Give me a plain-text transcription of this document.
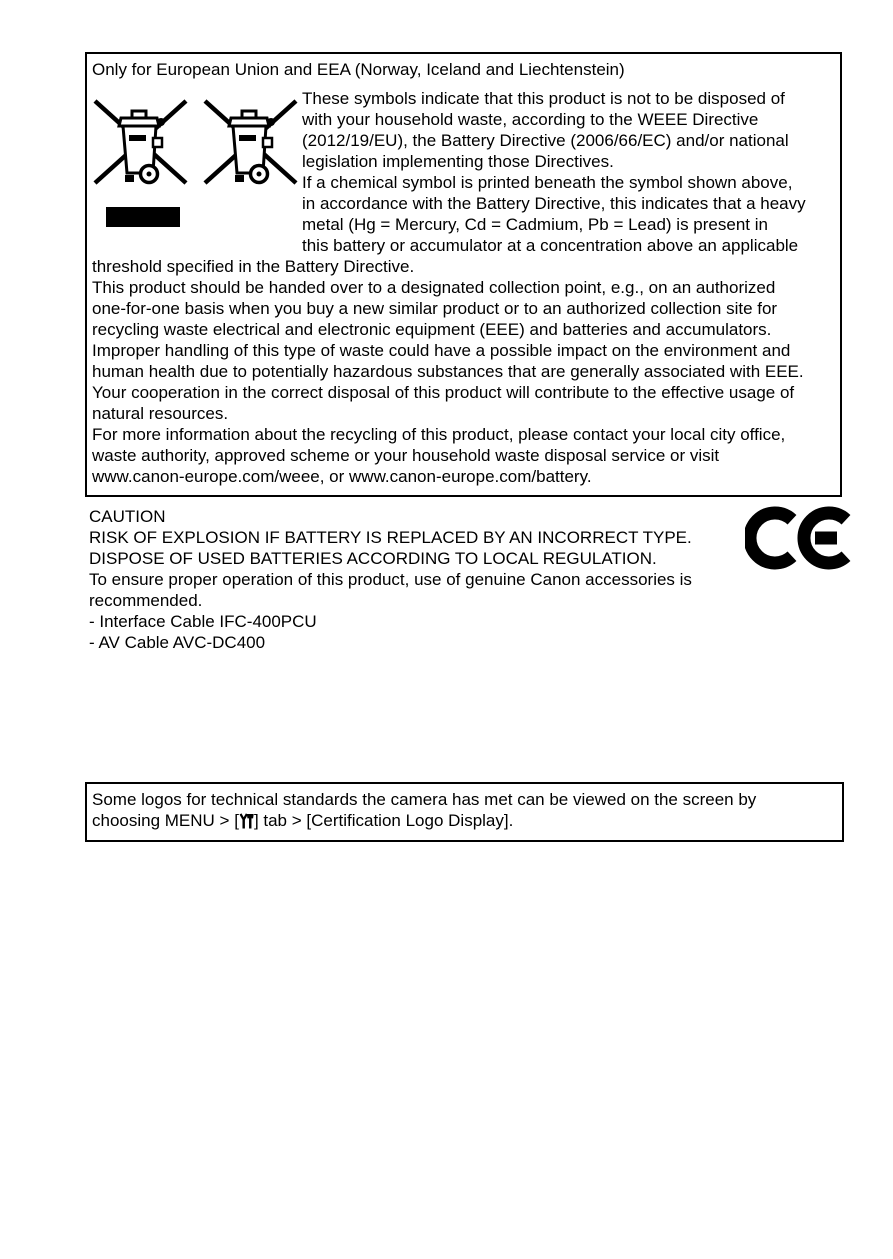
Only for European Union and EEA (Norway, Iceland and Liechtenstein)
These symbols indicate that this product is not to be disposed of
with your household waste, according to the WEEE Directive
(2012/19/EU), the Battery Directive (2006/66/EC) and/or national
legislation implementing those Directives.
If a chemical symbol is printed beneath the symbol shown above,
in accordance with the Battery Directive, this indicates that a heavy
metal (Hg = Mercury, Cd = Cadmium, Pb = Lead) is present in
this battery or accumulator at a concentration above an applicable
threshold specified in the Battery Directive.
This product should be handed over to a designated collection point, e.g., on an authorized
one-for-one basis when you buy a new similar product or to an authorized collection site for
recycling waste electrical and electronic equipment (EEE) and batteries and accumulators.
Improper handling of this type of waste could have a possible impact on the environment and
human health due to potentially hazardous substances that are generally associated with EEE.
Your cooperation in the correct disposal of this product will contribute to the effective usage of
natural resources.
For more information about the recycling of this product, please contact your local city office,
waste authority, approved scheme or your household waste disposal service or visit
www.canon-europe.com/weee, or www.canon-europe.com/battery.
CAUTION
RISK OF EXPLOSION IF BATTERY IS REPLACED BY AN INCORRECT TYPE.
DISPOSE OF USED BATTERIES ACCORDING TO LOCAL REGULATION.
To ensure proper operation of this product, use of genuine Canon accessories is
recommended.
- Interface Cable IFC-400PCU
- AV Cable AVC-DC400
Some logos for technical standards the camera has met can be viewed on the screen by
choosing MENU > [ ] tab > [Certification Logo Display].
